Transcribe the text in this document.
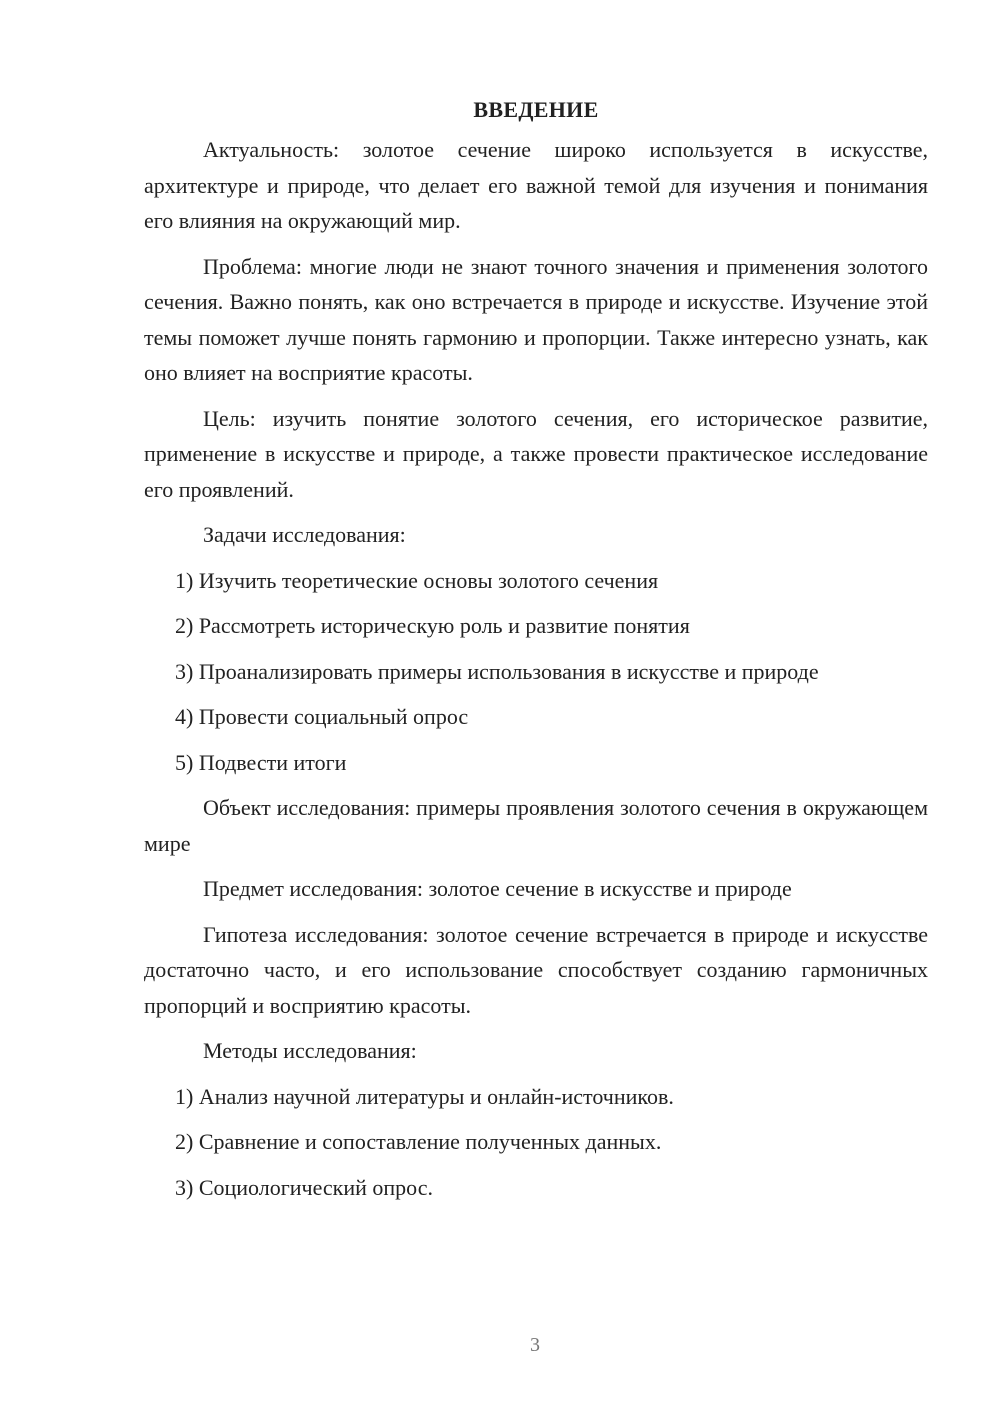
ВВЕДЕНИЕ

Актуальность: золотое сечение широко используется в искусстве, архитектуре и природе, что делает его важной темой для изучения и понимания его влияния на окружающий мир.

Проблема: многие люди не знают точного значения и применения золотого сечения. Важно понять, как оно встречается в природе и искусстве. Изучение этой темы поможет лучше понять гармонию и пропорции. Также интересно узнать, как оно влияет на восприятие красоты.

Цель: изучить понятие золотого сечения, его историческое развитие, применение в искусстве и природе, а также провести практическое исследование его проявлений.

Задачи исследования:

1) Изучить теоретические основы золотого сечения
2) Рассмотреть историческую роль и развитие понятия
3) Проанализировать примеры использования в искусстве и природе
4) Провести социальный опрос
5) Подвести итоги

Объект исследования: примеры проявления золотого сечения в окружающем мире

Предмет исследования: золотое сечение в искусстве и природе

Гипотеза исследования: золотое сечение встречается в природе и искусстве достаточно часто, и его использование способствует созданию гармоничных пропорций и восприятию красоты.

Методы исследования:

1) Анализ научной литературы и онлайн-источников.
2) Сравнение и сопоставление полученных данных.
3) Социологический опрос.
3
